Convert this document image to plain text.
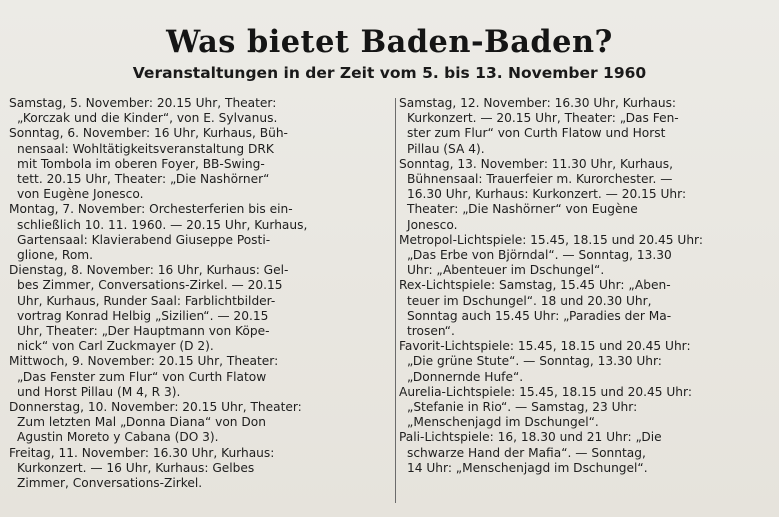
Was bietet Baden-Baden?
Veranstaltungen in der Zeit vom 5. bis 13. November 1960
Samstag, 5. November: 20.15 Uhr, Theater:
„Korczak und die Kinder“, von E. Sylvanus.
Sonntag, 6. November: 16 Uhr, Kurhaus, Büh-
nensaal: Wohltätigkeitsveranstaltung DRK
mit Tombola im oberen Foyer, BB-Swing-
tett. 20.15 Uhr, Theater: „Die Nashörner“
von Eugène Jonesco.
Montag, 7. November: Orchesterferien bis ein-
schließlich 10. 11. 1960. — 20.15 Uhr, Kurhaus,
Gartensaal: Klavierabend Giuseppe Posti-
glione, Rom.
Dienstag, 8. November: 16 Uhr, Kurhaus: Gel-
bes Zimmer, Conversations-Zirkel. — 20.15
Uhr, Kurhaus, Runder Saal: Farblichtbilder-
vortrag Konrad Helbig „Sizilien“. — 20.15
Uhr, Theater: „Der Hauptmann von Köpe-
nick“ von Carl Zuckmayer (D 2).
Mittwoch, 9. November: 20.15 Uhr, Theater:
„Das Fenster zum Flur“ von Curth Flatow
und Horst Pillau (M 4, R 3).
Donnerstag, 10. November: 20.15 Uhr, Theater:
Zum letzten Mal „Donna Diana“ von Don
Agustin Moreto y Cabana (DO 3).
Freitag, 11. November: 16.30 Uhr, Kurhaus:
Kurkonzert. — 16 Uhr, Kurhaus: Gelbes
Zimmer, Conversations-Zirkel.
Samstag, 12. November: 16.30 Uhr, Kurhaus:
Kurkonzert. — 20.15 Uhr, Theater: „Das Fen-
ster zum Flur“ von Curth Flatow und Horst
Pillau (SA 4).
Sonntag, 13. November: 11.30 Uhr, Kurhaus,
Bühnensaal: Trauerfeier m. Kurorchester. —
16.30 Uhr, Kurhaus: Kurkonzert. — 20.15 Uhr:
Theater: „Die Nashörner“ von Eugène
Jonesco.
Metropol-Lichtspiele: 15.45, 18.15 und 20.45 Uhr:
„Das Erbe von Björndal“. — Sonntag, 13.30
Uhr: „Abenteuer im Dschungel“.
Rex-Lichtspiele: Samstag, 15.45 Uhr: „Aben-
teuer im Dschungel“. 18 und 20.30 Uhr,
Sonntag auch 15.45 Uhr: „Paradies der Ma-
trosen“.
Favorit-Lichtspiele: 15.45, 18.15 und 20.45 Uhr:
„Die grüne Stute“. — Sonntag, 13.30 Uhr:
„Donnernde Hufe“.
Aurelia-Lichtspiele: 15.45, 18.15 und 20.45 Uhr:
„Stefanie in Rio“. — Samstag, 23 Uhr:
„Menschenjagd im Dschungel“.
Pali-Lichtspiele: 16, 18.30 und 21 Uhr: „Die
schwarze Hand der Mafia“. — Sonntag,
14 Uhr: „Menschenjagd im Dschungel“.
